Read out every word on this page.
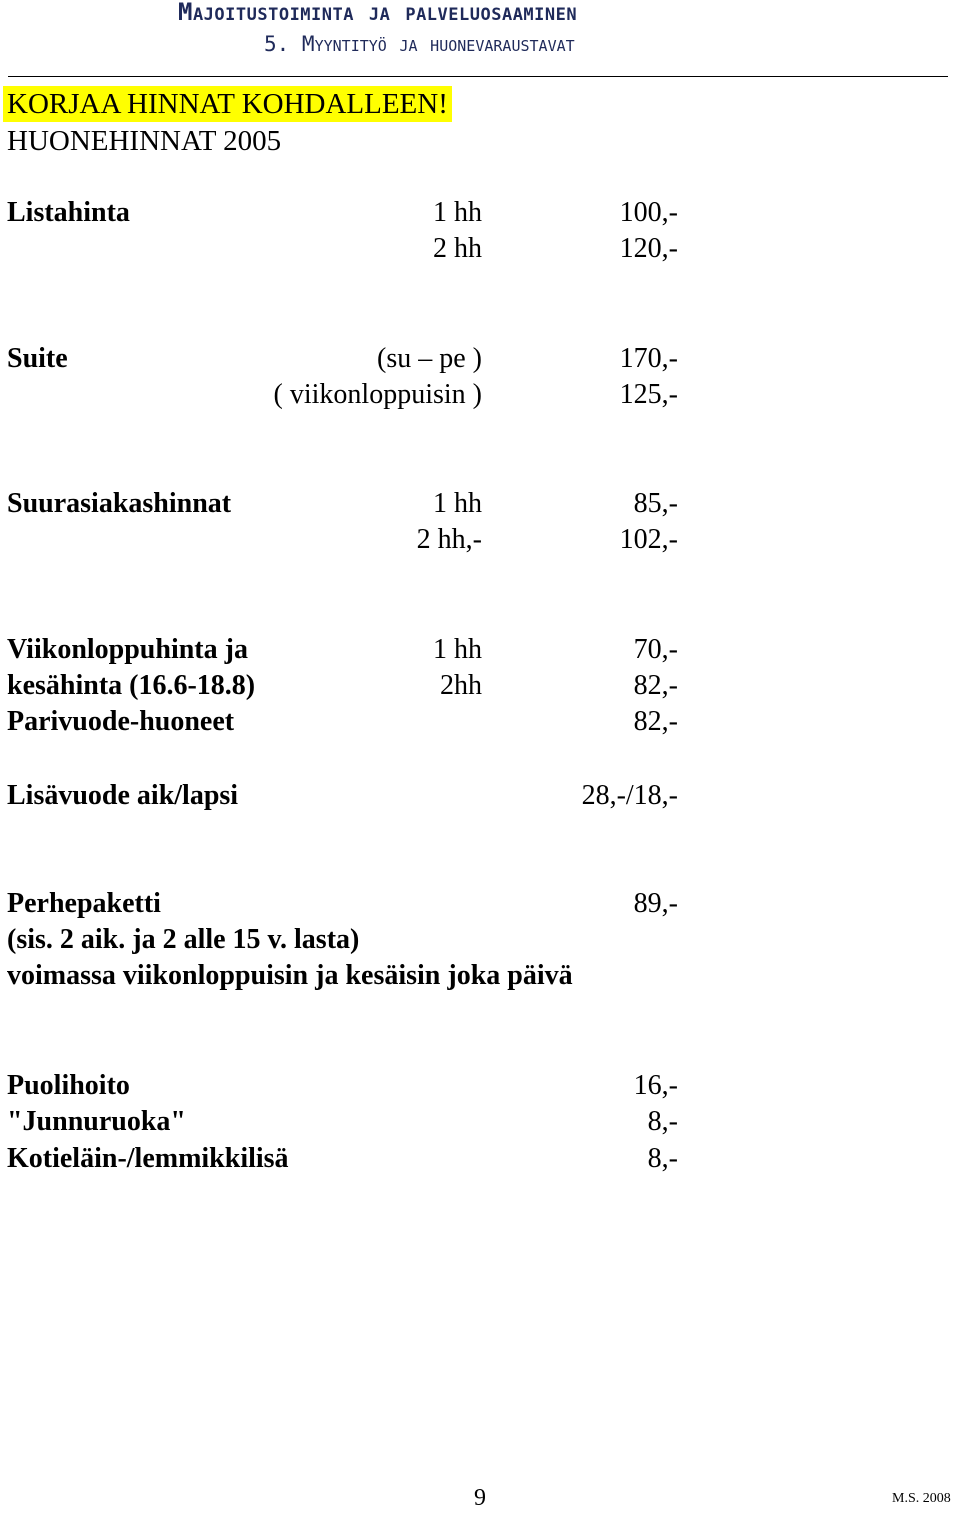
Majoitustoiminta ja palveluosaaminen
5. Myyntityö ja huonevaraustavat
KORJAA HINNAT KOHDALLEEN!
HUONEHINNAT 2005
Listahinta	1 hh	100,-
2 hh	120,-
Suite	(su – pe )	170,-
( viikonloppuisin )	125,-
Suurasiakashinnat	1 hh	85,-
2 hh,-	102,-
Viikonloppuhinta ja	1 hh	70,-
kesähinta (16.6-18.8)	2hh	82,-
Parivuode-huoneet	82,-
Lisävuode aik/lapsi	28,-/18,-
Perhepaketti	89,-
(sis. 2 aik. ja 2 alle 15 v. lasta)
voimassa viikonloppuisin ja kesäisin joka päivä
Puolihoito	16,-
"Junnuruoka"	8,-
Kotieläin-/lemmikkilisä	8,-
9	M.S. 2008
